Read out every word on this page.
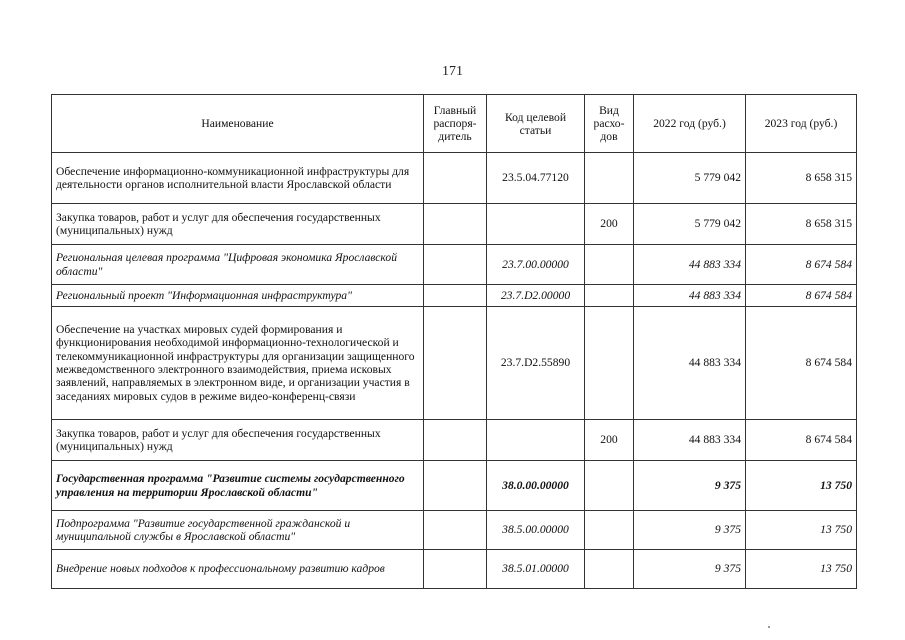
171
Наименование	Главный распоря-дитель	Код целевой статьи	Вид расхо-дов	2022 год (руб.)	2023 год (руб.)
Обеспечение информационно-коммуникационной инфраструктуры для деятельности органов исполнительной власти Ярославской области		23.5.04.77120		5 779 042	8 658 315
Закупка товаров, работ и услуг для обеспечения государственных (муниципальных) нужд			200	5 779 042	8 658 315
Региональная целевая программа "Цифровая экономика Ярославской области"		23.7.00.00000		44 883 334	8 674 584
Региональный проект "Информационная инфраструктура"		23.7.D2.00000		44 883 334	8 674 584
Обеспечение на участках мировых судей формирования и функционирования необходимой информационно-технологической и телекоммуникационной инфраструктуры для организации защищенного межведомственного электронного взаимодействия, приема исковых заявлений, направляемых в электронном виде, и организации участия в заседаниях мировых судов в режиме видео-конференц-связи		23.7.D2.55890		44 883 334	8 674 584
Закупка товаров, работ и услуг для обеспечения государственных (муниципальных) нужд			200	44 883 334	8 674 584
Государственная программа "Развитие системы государственного управления на территории Ярославской области"		38.0.00.00000		9 375	13 750
Подпрограмма "Развитие государственной гражданской и муниципальной службы в Ярославской области"		38.5.00.00000		9 375	13 750
Внедрение новых подходов к профессиональному развитию кадров		38.5.01.00000		9 375	13 750
